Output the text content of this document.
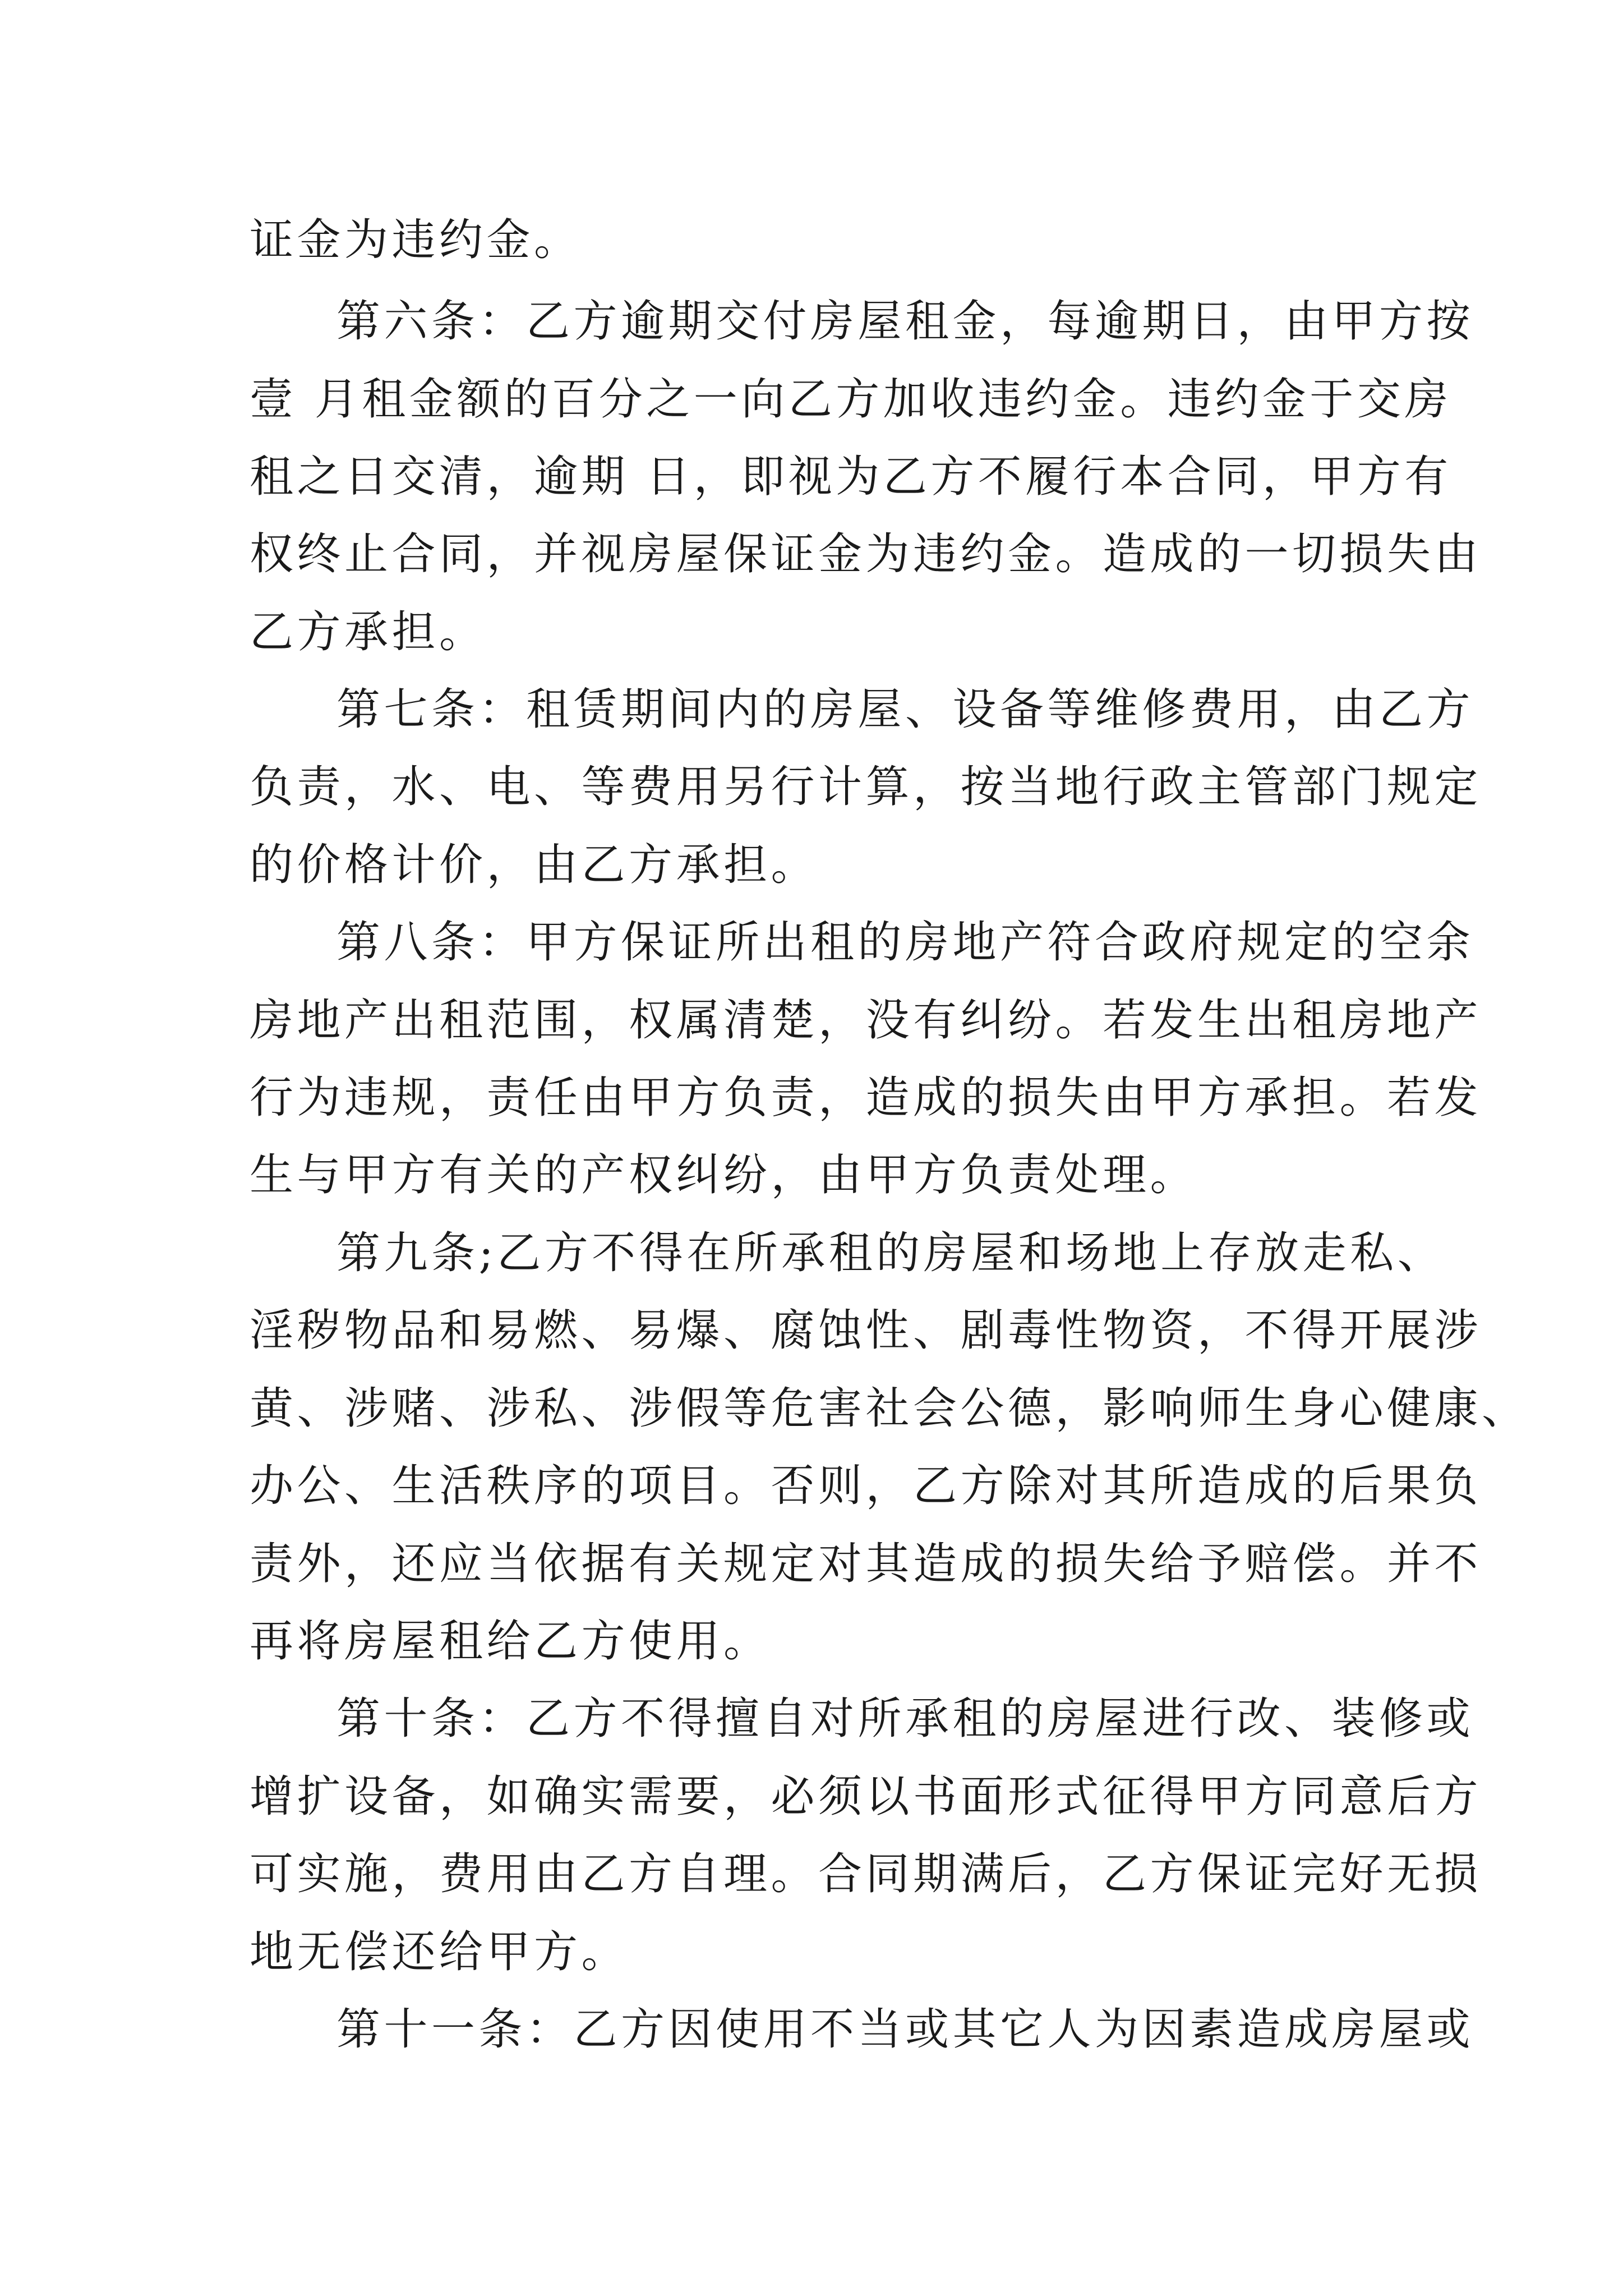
证金为违约金。

第六条：乙方逾期交付房屋租金，每逾期日，由甲方按

壹 月租金额的百分之一向乙方加收违约金。违约金于交房

租之日交清，逾期 日，即视为乙方不履行本合同，甲方有

权终止合同，并视房屋保证金为违约金。造成的一切损失由

乙方承担。

第七条：租赁期间内的房屋、设备等维修费用，由乙方

负责，水、电、等费用另行计算，按当地行政主管部门规定

的价格计价，由乙方承担。

第八条：甲方保证所出租的房地产符合政府规定的空余

房地产出租范围，权属清楚，没有纠纷。若发生出租房地产

行为违规，责任由甲方负责，造成的损失由甲方承担。若发

生与甲方有关的产权纠纷，由甲方负责处理。

第九条;乙方不得在所承租的房屋和场地上存放走私、

淫秽物品和易燃、易爆、腐蚀性、剧毒性物资，不得开展涉

黄、涉赌、涉私、涉假等危害社会公德，影响师生身心健康、

办公、生活秩序的项目。否则，乙方除对其所造成的后果负

责外，还应当依据有关规定对其造成的损失给予赔偿。并不

再将房屋租给乙方使用。

第十条：乙方不得擅自对所承租的房屋进行改、装修或

增扩设备，如确实需要，必须以书面形式征得甲方同意后方

可实施，费用由乙方自理。合同期满后，乙方保证完好无损

地无偿还给甲方。

第十一条：乙方因使用不当或其它人为因素造成房屋或
